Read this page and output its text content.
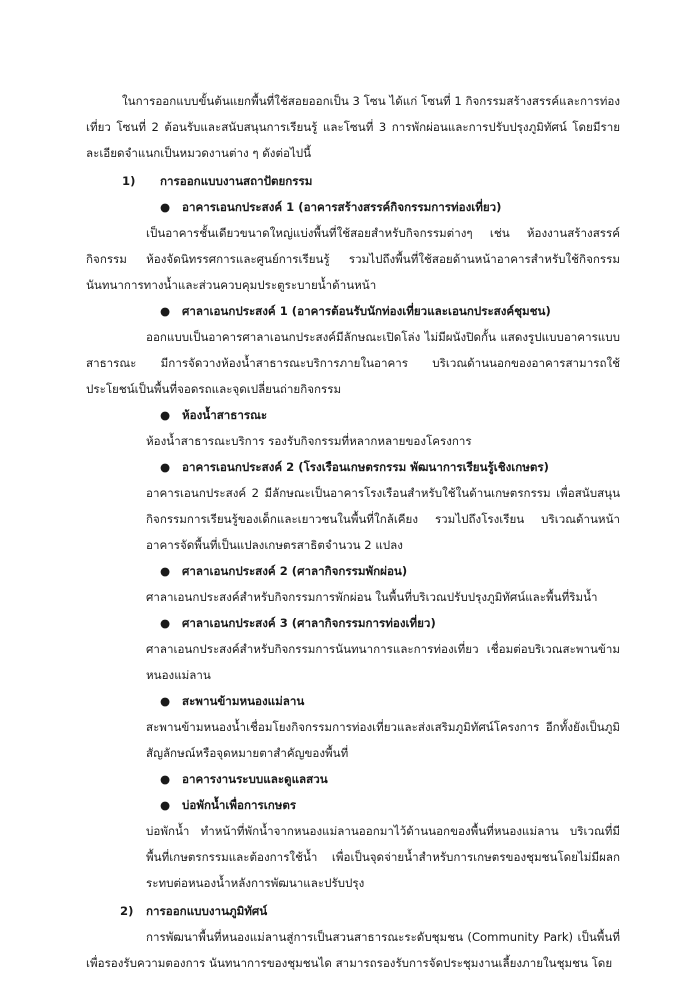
ในการออกแบบขั้นต้นแยกพื้นที่ใช้สอยออกเป็น 3 โซน ได้แก่ โซนที่ 1 กิจกรรมสร้างสรรค์และการท่องเที่ยว โซนที่ 2 ต้อนรับและสนับสนุนการเรียนรู้ และโซนที่ 3 การพักผ่อนและการปรับปรุงภูมิทัศน์ โดยมีรายละเอียดจำแนกเป็นหมวดงานต่าง ๆ ดังต่อไปนี้

1)	การออกแบบงานสถาปัตยกรรม
●	อาคารเอนกประสงค์ 1 (อาคารสร้างสรรค์กิจกรรมการท่องเที่ยว)

เป็นอาคารชั้นเดียวขนาดใหญ่แบ่งพื้นที่ใช้สอยสำหรับกิจกรรมต่างๆ เช่น ห้องงานสร้างสรรค์กิจกรรม ห้องจัดนิทรรศการและศูนย์การเรียนรู้ รวมไปถึงพื้นที่ใช้สอยด้านหน้าอาคารสำหรับใช้กิจกรรมนันทนาการทางน้ำและส่วนควบคุมประตูระบายน้ำด้านหน้า

●	ศาลาเอนกประสงค์ 1 (อาคารต้อนรับนักท่องเที่ยวและเอนกประสงค์ชุมชน)

ออกแบบเป็นอาคารศาลาเอนกประสงค์มีลักษณะเปิดโล่ง ไม่มีผนังปิดกั้น แสดงรูปแบบอาคารแบบสาธารณะ มีการจัดวางห้องน้ำสาธารณะบริการภายในอาคาร บริเวณด้านนอกของอาคารสามารถใช้ประโยชน์เป็นพื้นที่จอดรถและจุดเปลี่ยนถ่ายกิจกรรม

●	ห้องน้ำสาธารณะ

ห้องน้ำสาธารณะบริการ รองรับกิจกรรมที่หลากหลายของโครงการ

●	อาคารเอนกประสงค์ 2 (โรงเรือนเกษตรกรรม พัฒนาการเรียนรู้เชิงเกษตร)

อาคารเอนกประสงค์ 2 มีลักษณะเป็นอาคารโรงเรือนสำหรับใช้ในด้านเกษตรกรรม เพื่อสนับสนุนกิจกรรมการเรียนรู้ของเด็กและเยาวชนในพื้นที่ใกล้เคียง รวมไปถึงโรงเรียน บริเวณด้านหน้าอาคารจัดพื้นที่เป็นแปลงเกษตรสาธิตจำนวน 2 แปลง

●	ศาลาเอนกประสงค์ 2 (ศาลากิจกรรมพักผ่อน)

ศาลาเอนกประสงค์สำหรับกิจกรรมการพักผ่อน ในพื้นที่บริเวณปรับปรุงภูมิทัศน์และพื้นที่ริมน้ำ

●	ศาลาเอนกประสงค์ 3 (ศาลากิจกรรมการท่องเที่ยว)

ศาลาเอนกประสงค์สำหรับกิจกรรมการนันทนาการและการท่องเที่ยว เชื่อมต่อบริเวณสะพานข้ามหนองแม่ลาน

●	สะพานข้ามหนองแม่ลาน

สะพานข้ามหนองน้ำเชื่อมโยงกิจกรรมการท่องเที่ยวและส่งเสริมภูมิทัศน์โครงการ อีกทั้งยังเป็นภูมิสัญลักษณ์หรือจุดหมายตาสำคัญของพื้นที่

●	อาคารงานระบบและดูแลสวน
●	บ่อพักน้ำเพื่อการเกษตร

บ่อพักน้ำ ทำหน้าที่พักน้ำจากหนองแม่ลานออกมาไว้ด้านนอกของพื้นที่หนองแม่ลาน บริเวณที่มีพื้นที่เกษตรกรรมและต้องการใช้น้ำ เพื่อเป็นจุดจ่ายน้ำสำหรับการเกษตรของชุมชนโดยไม่มีผลกระทบต่อหนองน้ำหลังการพัฒนาและปรับปรุง

2)	การออกแบบงานภูมิทัศน์

การพัฒนาพื้นที่หนองแม่ลานสู่การเป็นสวนสาธารณะระดับชุมชน (Community Park) เป็นพื้นที่เพื่อรองรับความตองการ นันทนาการของชุมชนได สามารถรองรับการจัดประชุมงานเลี้ยงภายในชุมชน โดย
